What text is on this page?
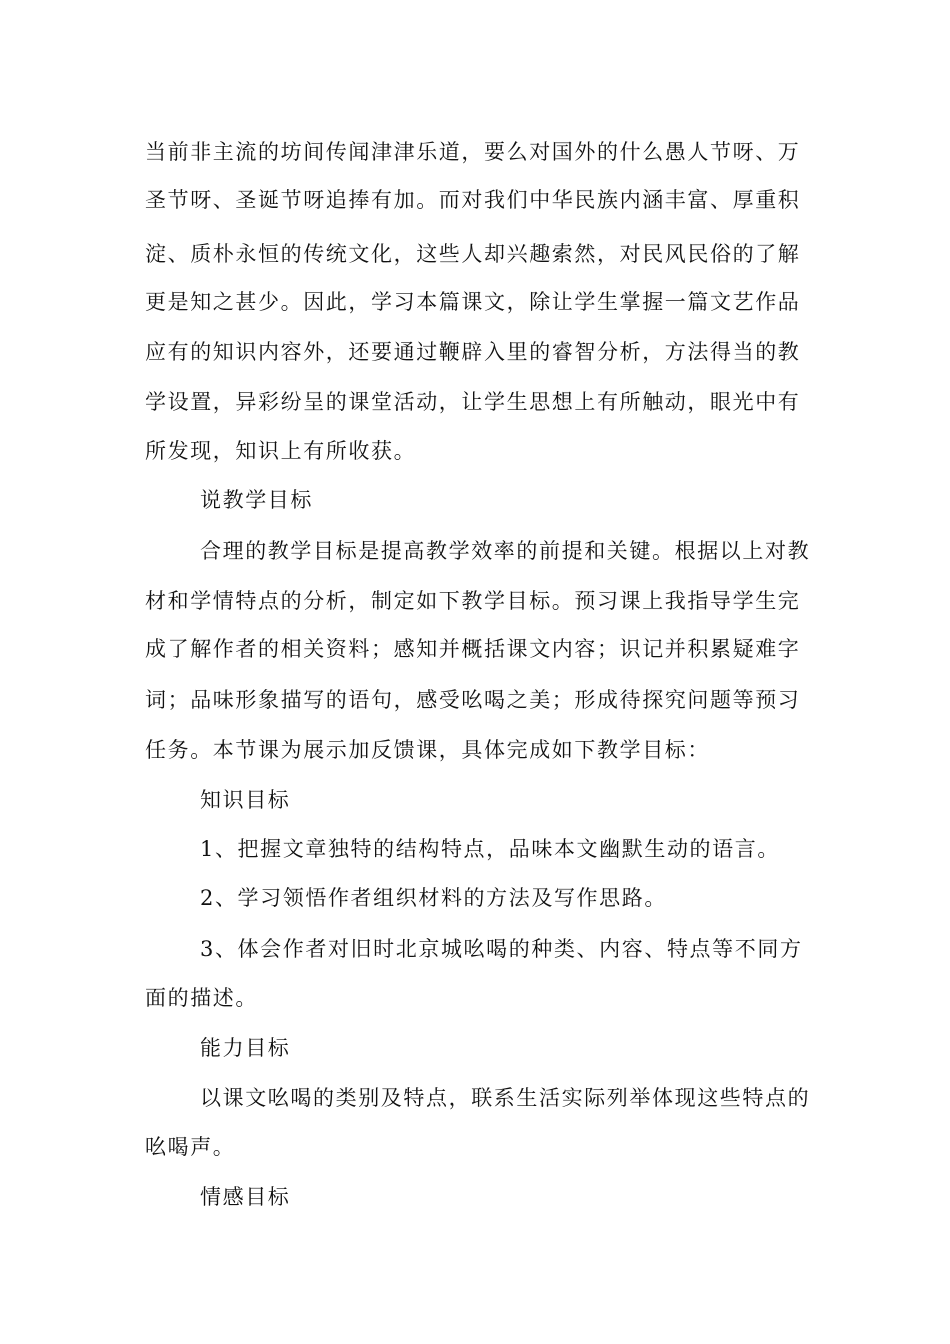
当前非主流的坊间传闻津津乐道，要么对国外的什么愚人节呀、万
圣节呀、圣诞节呀追捧有加。而对我们中华民族内涵丰富、厚重积
淀、质朴永恒的传统文化，这些人却兴趣索然，对民风民俗的了解
更是知之甚少。因此，学习本篇课文，除让学生掌握一篇文艺作品
应有的知识内容外，还要通过鞭辟入里的睿智分析，方法得当的教
学设置，异彩纷呈的课堂活动，让学生思想上有所触动，眼光中有
所发现，知识上有所收获。
说教学目标
合理的教学目标是提高教学效率的前提和关键。根据以上对教
材和学情特点的分析，制定如下教学目标。预习课上我指导学生完
成了解作者的相关资料；感知并概括课文内容；识记并积累疑难字
词；品味形象描写的语句，感受吆喝之美；形成待探究问题等预习
任务。本节课为展示加反馈课，具体完成如下教学目标：
知识目标
1、把握文章独特的结构特点，品味本文幽默生动的语言。
2、学习领悟作者组织材料的方法及写作思路。
3、体会作者对旧时北京城吆喝的种类、内容、特点等不同方
面的描述。
能力目标
以课文吆喝的类别及特点，联系生活实际列举体现这些特点的
吆喝声。
情感目标
